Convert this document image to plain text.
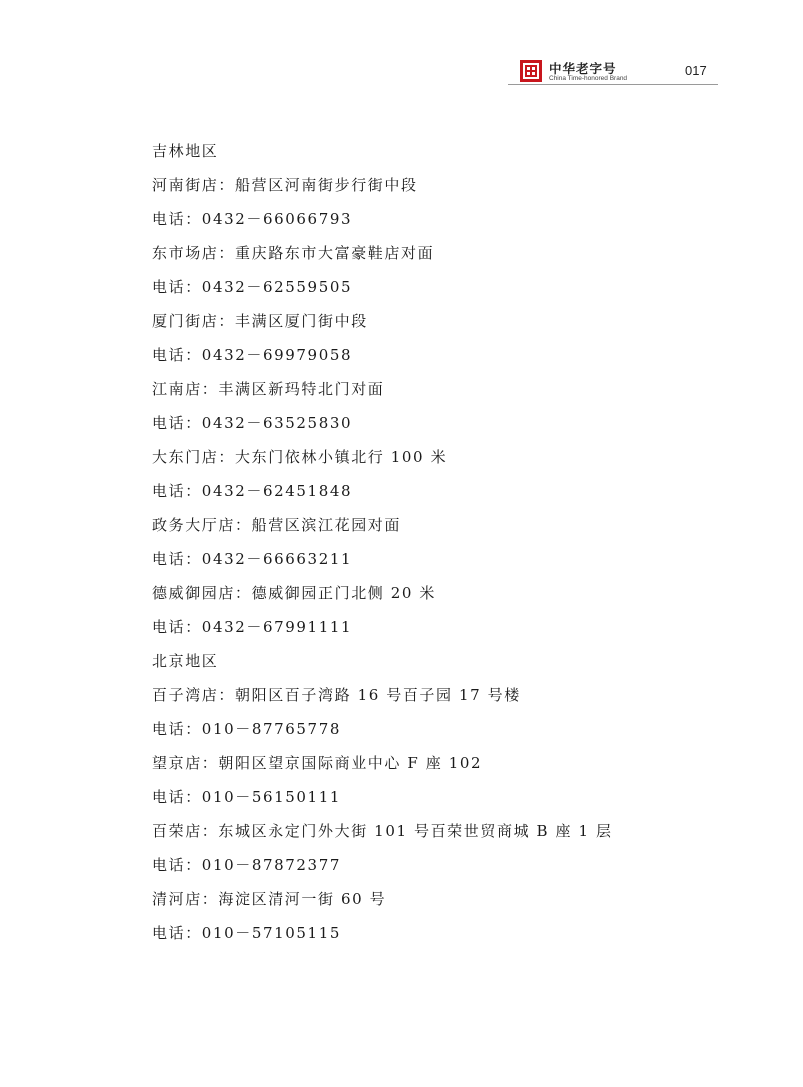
中华老字号
China Time-honored Brand
017
吉林地区
河南街店：船营区河南街步行街中段
电话：0432－66066793
东市场店：重庆路东市大富豪鞋店对面
电话：0432－62559505
厦门街店：丰满区厦门街中段
电话：0432－69979058
江南店：丰满区新玛特北门对面
电话：0432－63525830
大东门店：大东门依林小镇北行 100 米
电话：0432－62451848
政务大厅店：船营区滨江花园对面
电话：0432－66663211
德威御园店：德威御园正门北侧 20 米
电话：0432－67991111
北京地区
百子湾店：朝阳区百子湾路 16 号百子园 17 号楼
电话：010－87765778
望京店：朝阳区望京国际商业中心 F 座 102
电话：010－56150111
百荣店：东城区永定门外大街 101 号百荣世贸商城 B 座 1 层
电话：010－87872377
清河店：海淀区清河一街 60 号
电话：010－57105115
